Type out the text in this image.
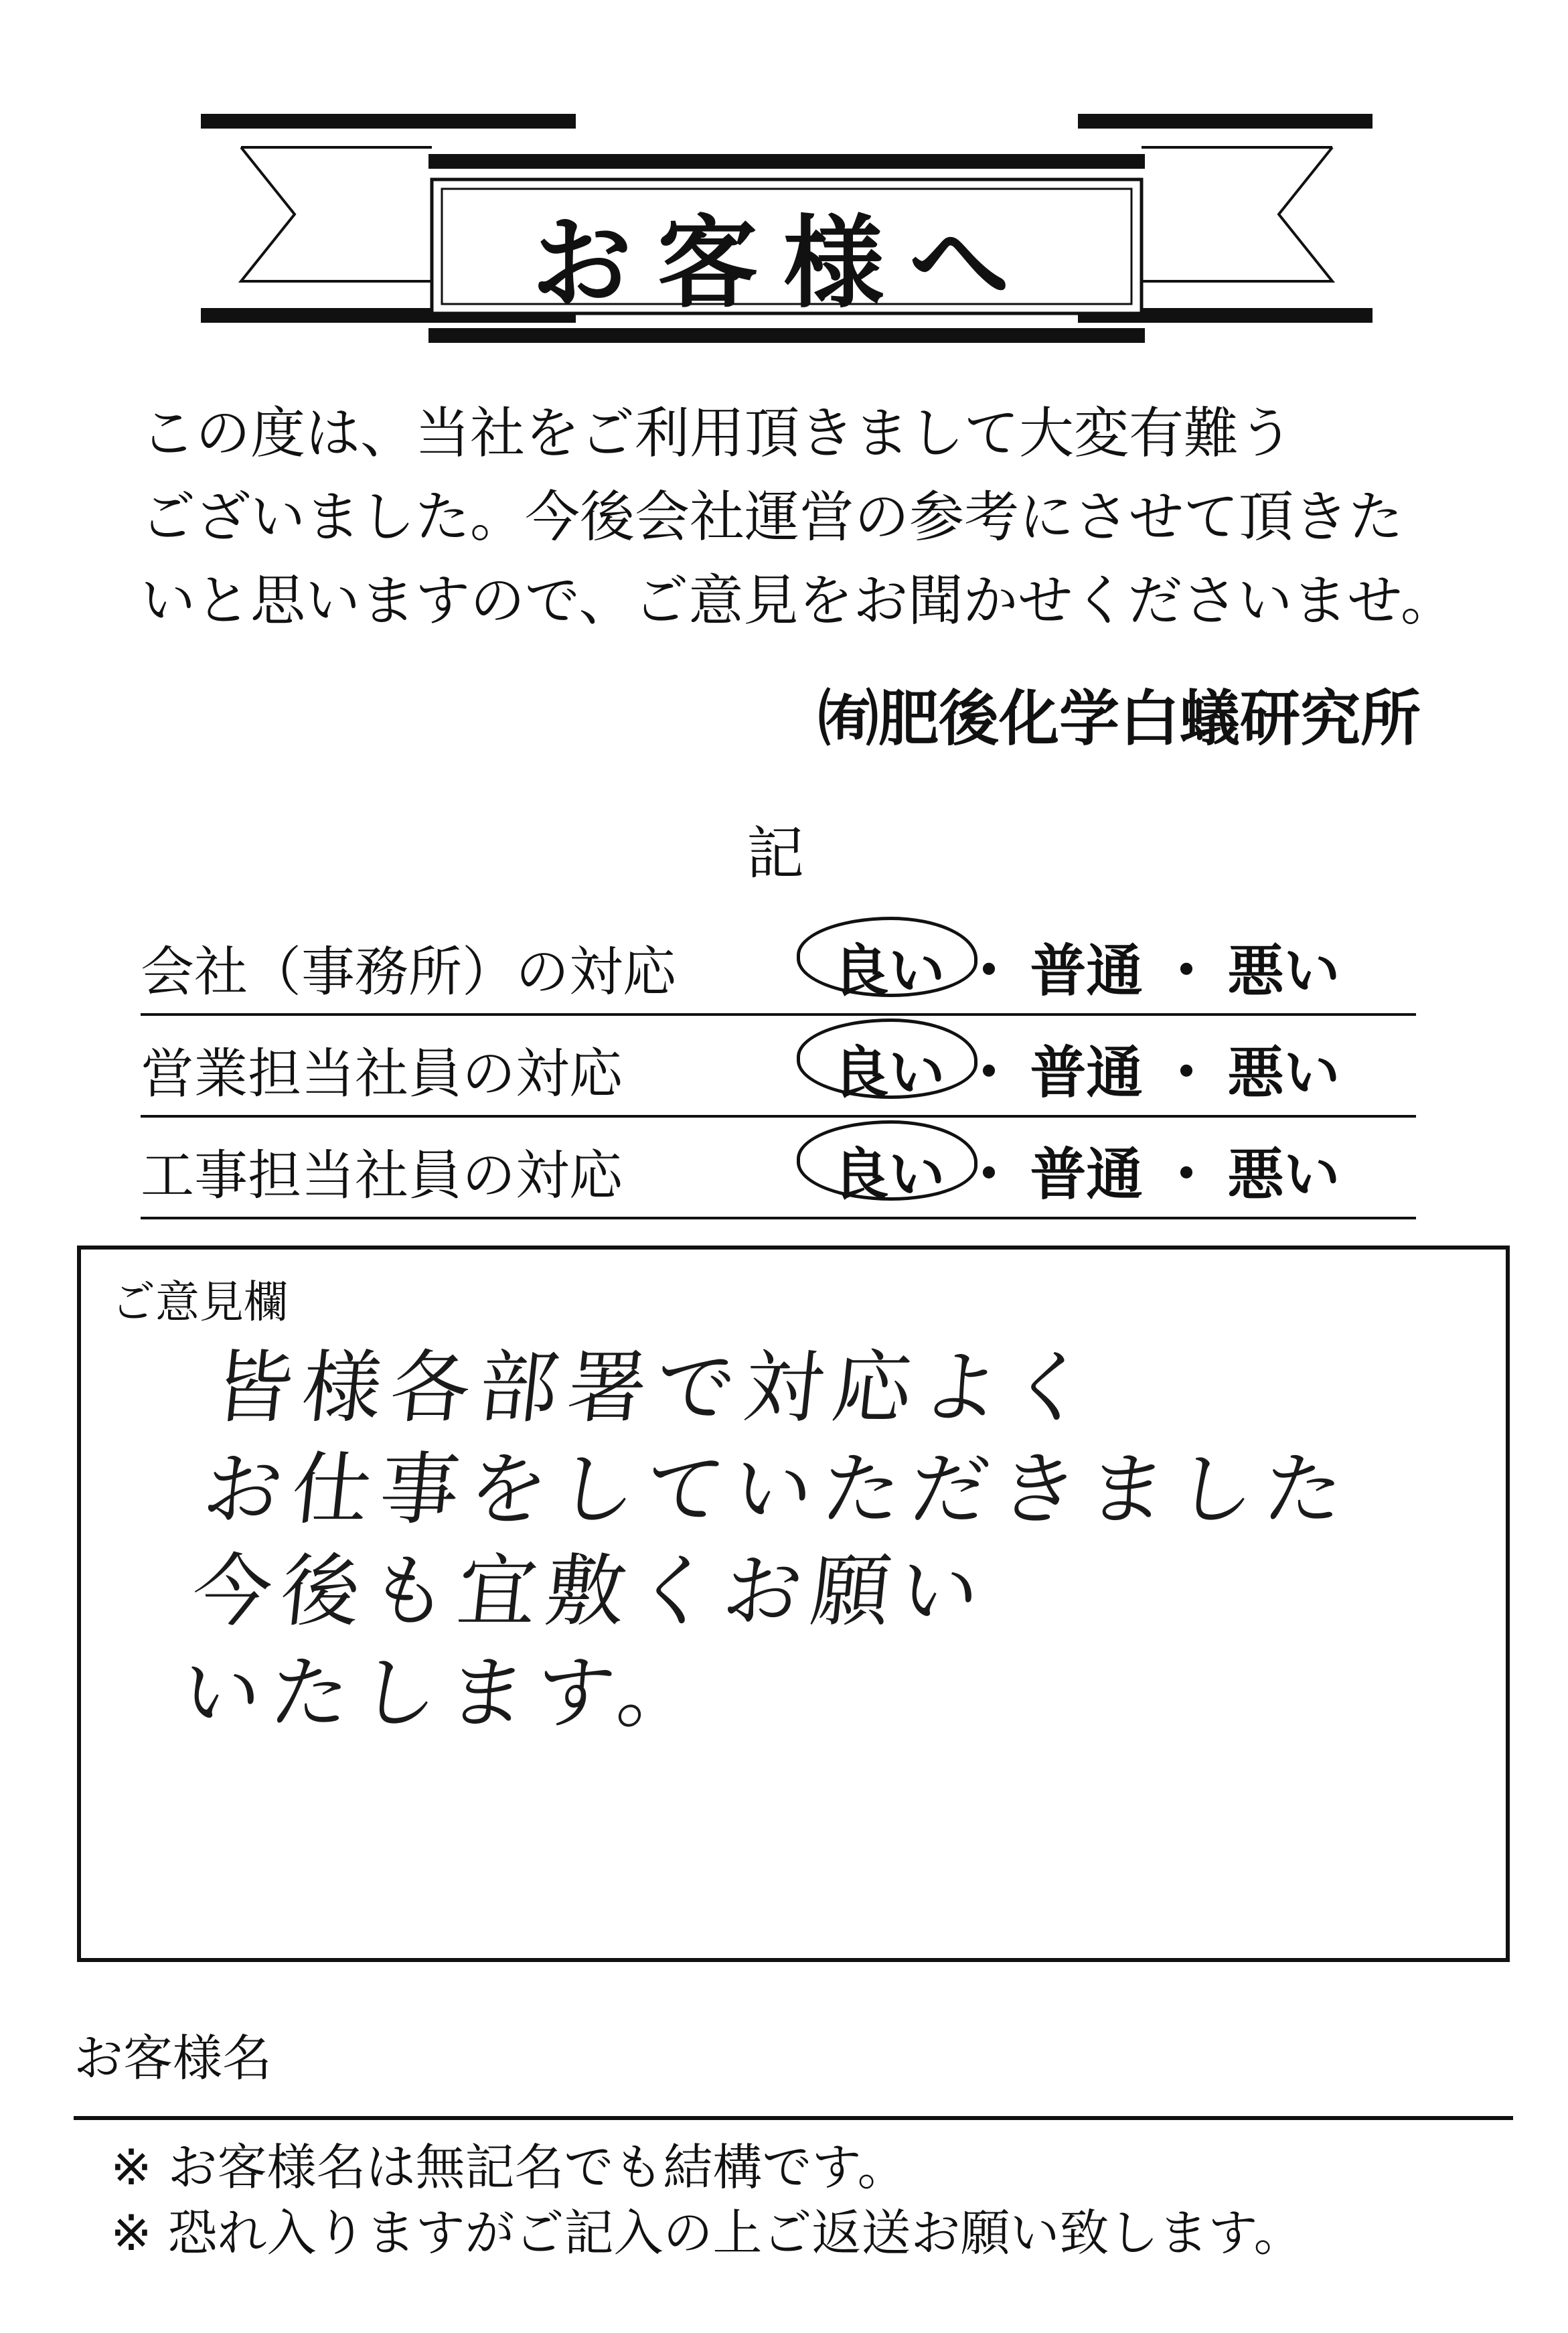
お客様へ
この度は、当社をご利用頂きまして大変有難う
ございました。今後会社運営の参考にさせて頂きた
いと思いますので、ご意見をお聞かせくださいませ。
㈲肥後化学白蟻研究所
記
会社（事務所）の対応	良い ・ 普通 ・ 悪い
営業担当社員の対応	良い ・ 普通 ・ 悪い
工事担当社員の対応	良い ・ 普通 ・ 悪い
ご意見欄
皆様各部署で対応よく
お仕事をしていただきました
今後も宜敷くお願い
いたします。
お客様名
※ お客様名は無記名でも結構です。
※ 恐れ入りますがご記入の上ご返送お願い致します。
